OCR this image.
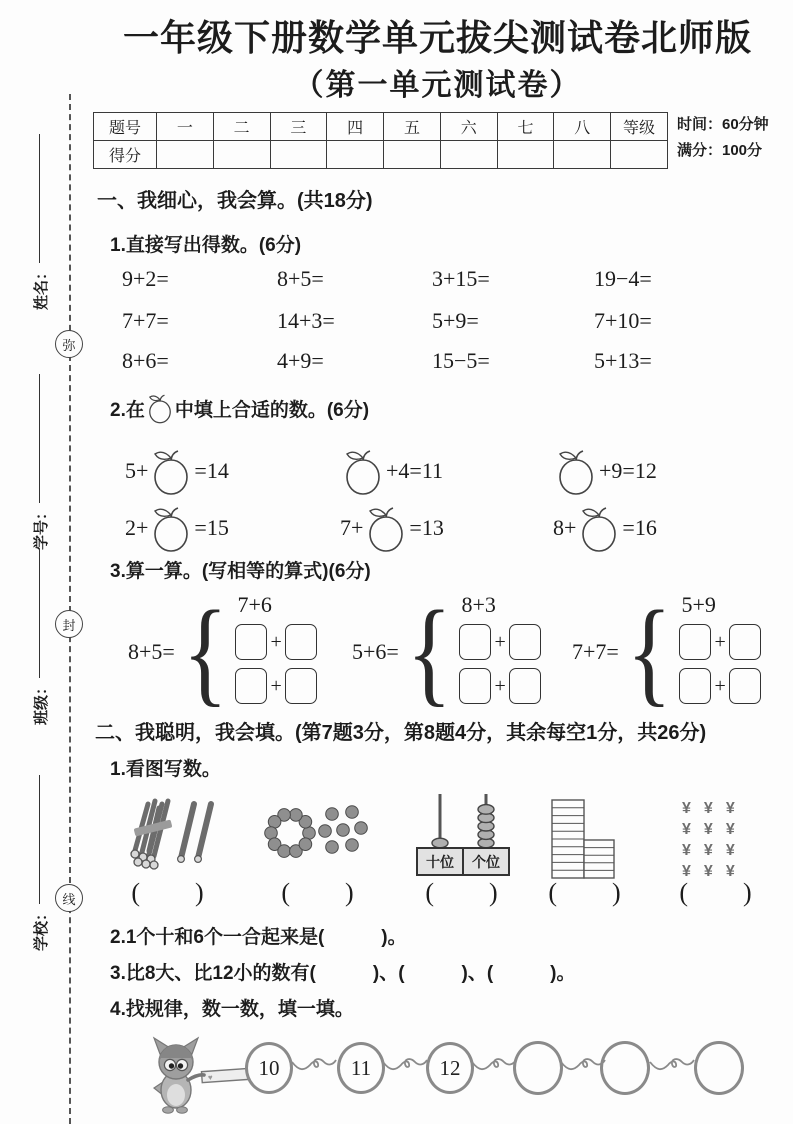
姓名：
学号：
班级：
学校：
弥
封
线
一年级下册数学单元拔尖测试卷北师版
（第一单元测试卷）
题号	一	二	三	四	五	六	七	八	等级
得分									
时间：60分钟
满分：100分
一、我细心，我会算。(共18分)
1.直接写出得数。(6分)
9+2=	8+5=	3+15=	19−4=
7+7=	14+3=	5+9=	7+10=
8+6=	4+9=	15−5=	5+13=
2.在 中填上合适的数。(6分)
5+ =14	+4=11	+9=12
2+ =15	7+ =13	8+ =16
3.算一算。(写相等的算式)(6分)
8+5= { 7+6
+
+
5+6= { 8+3
+
+
7+7= { 5+9
+
+
二、我聪明，我会填。(第7题3分，第8题4分，其余每空1分，共26分)
1.看图写数。
十位 个位
¥ ¥ ¥
¥ ¥ ¥
¥ ¥ ¥
¥ ¥ ¥
(　　)	(　　)	(　　)	(　　)	(　　)
2.1个十和6个一合起来是(　　　)。
3.比8大、比12小的数有(　　　)、(　　　)、(　　　)。
4.找规律，数一数，填一填。
♥	10	11	12
